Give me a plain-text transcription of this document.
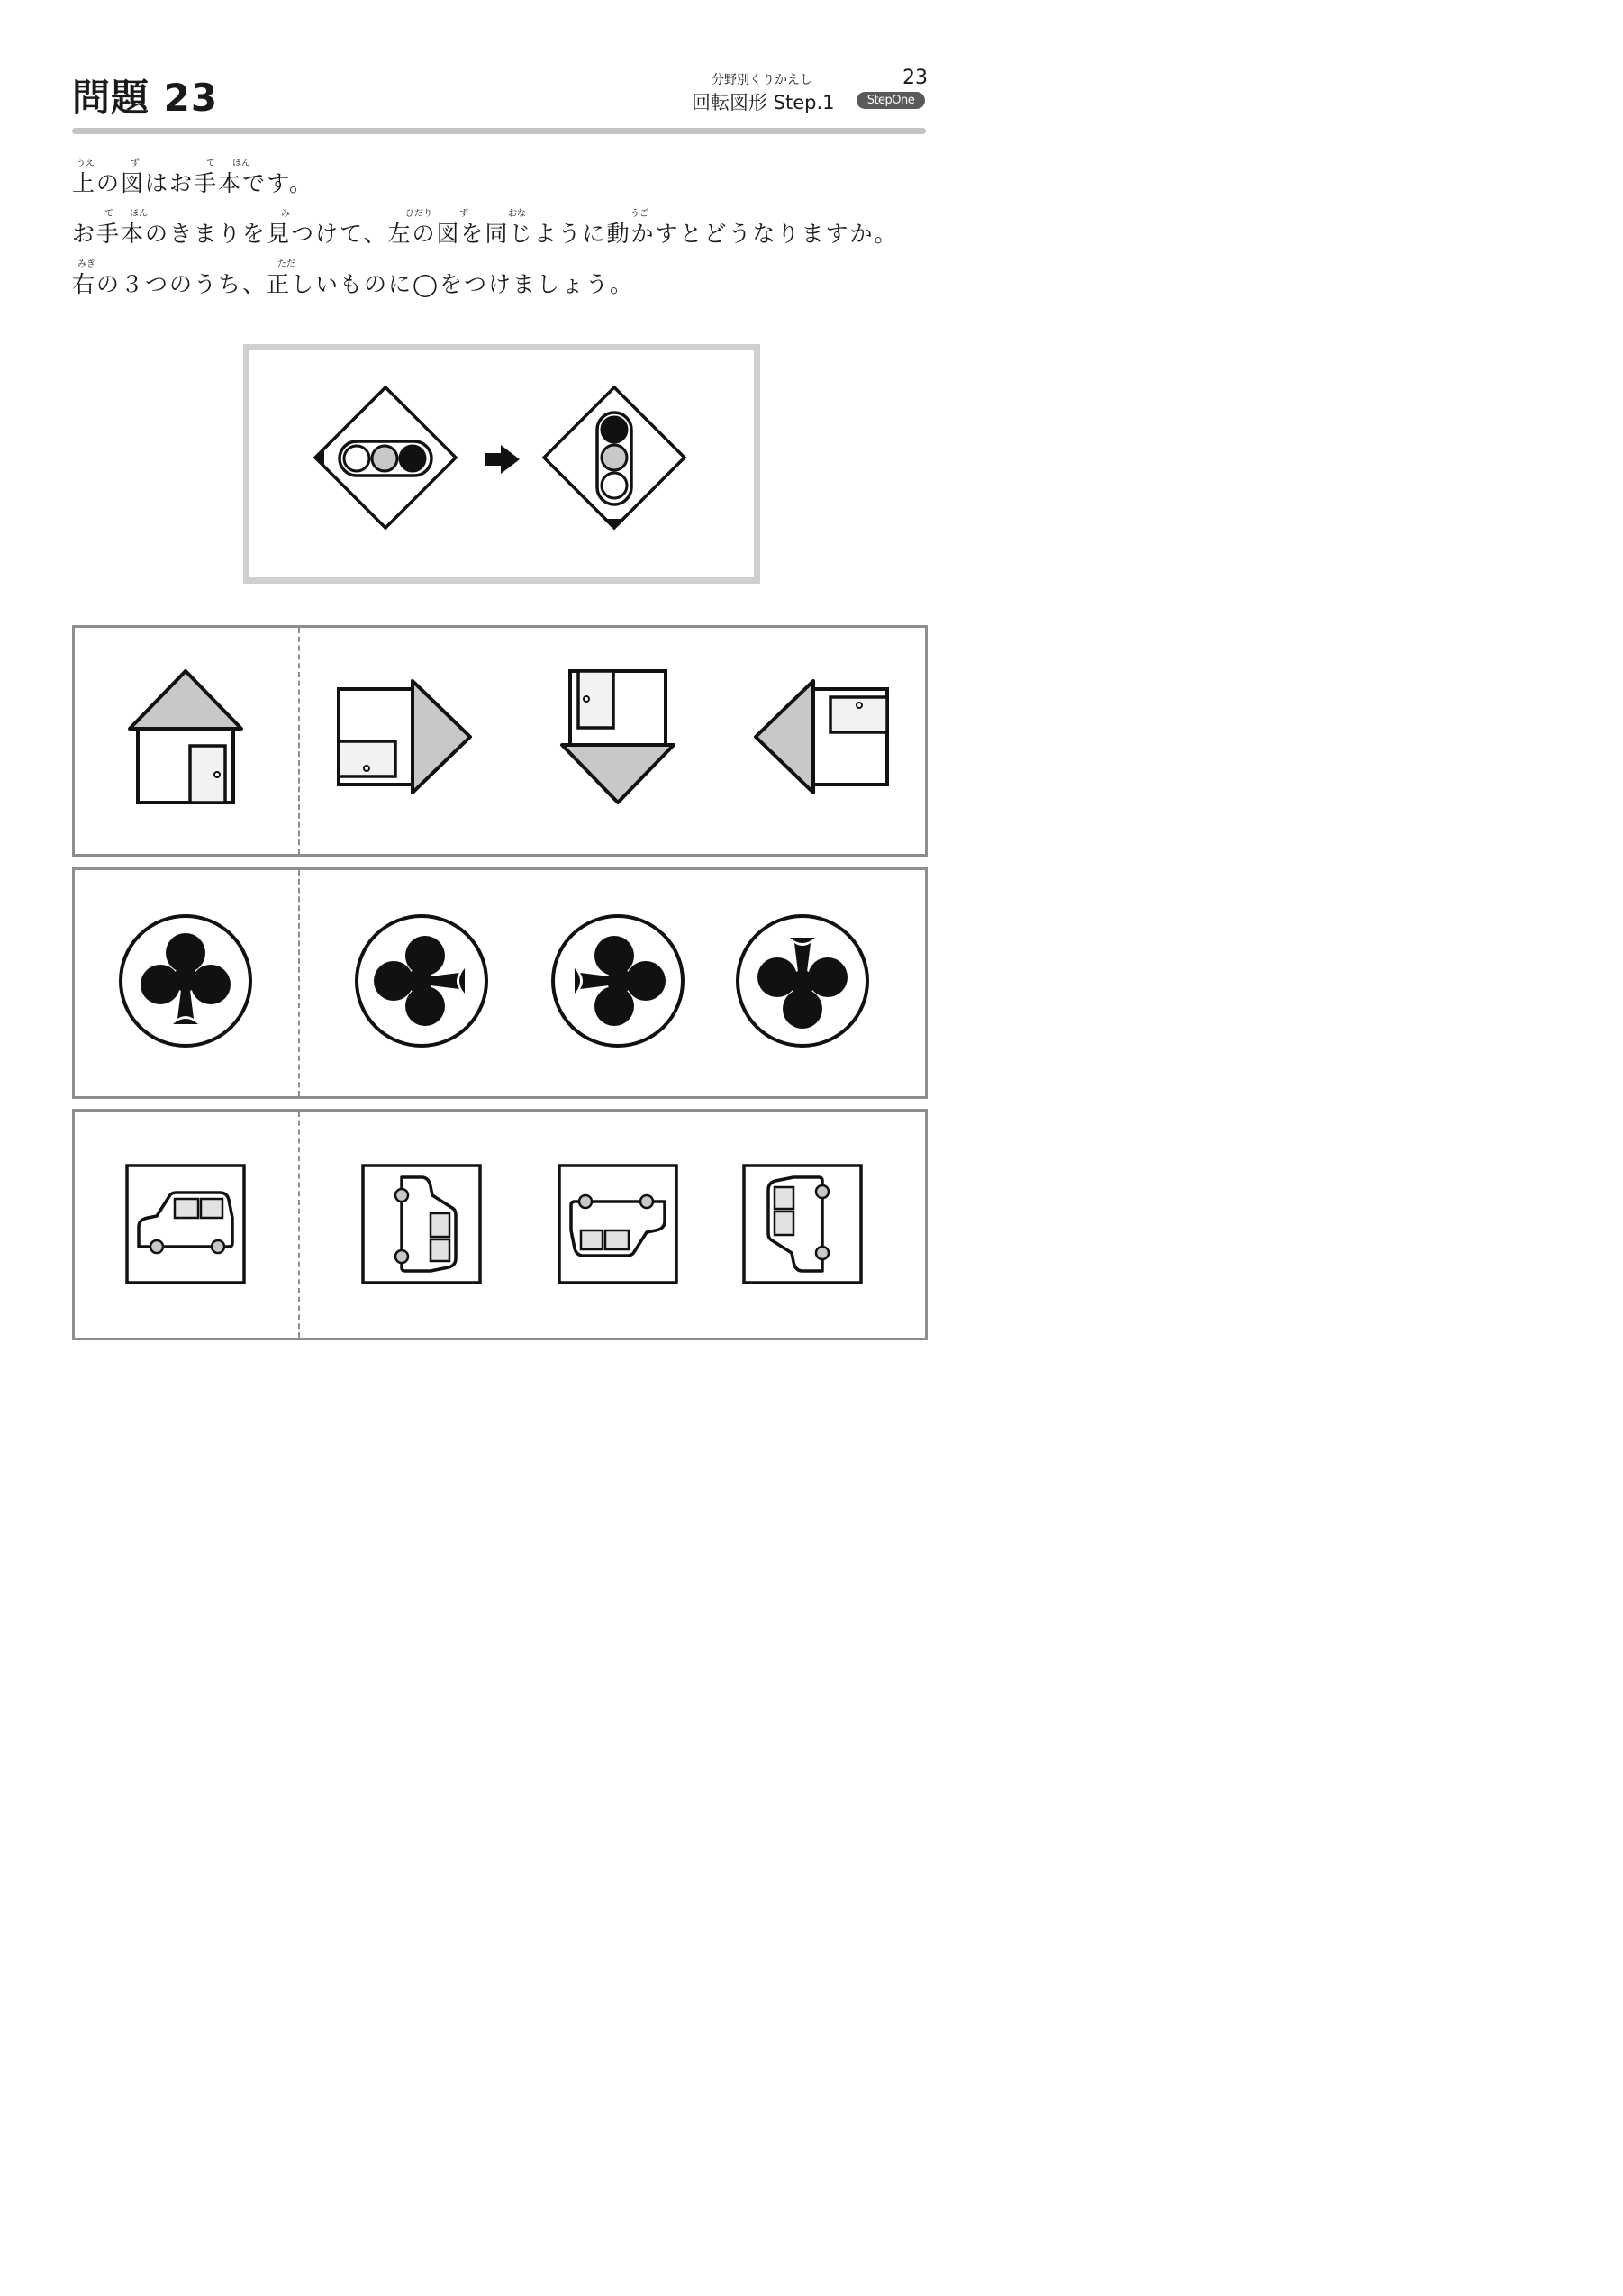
問題 23	分野別くりかえし	23
回転図形 Step.1	StepOne
うえ	ず	て ほん
上の図はお手本です。
て ほん	み	ひだり	ず	おな	うご
お手本のきまりを見つけて、左の図を同じように動かすとどうなりますか。
みぎ	ただ
右の３つのうち、正しいものに◯をつけましょう。
